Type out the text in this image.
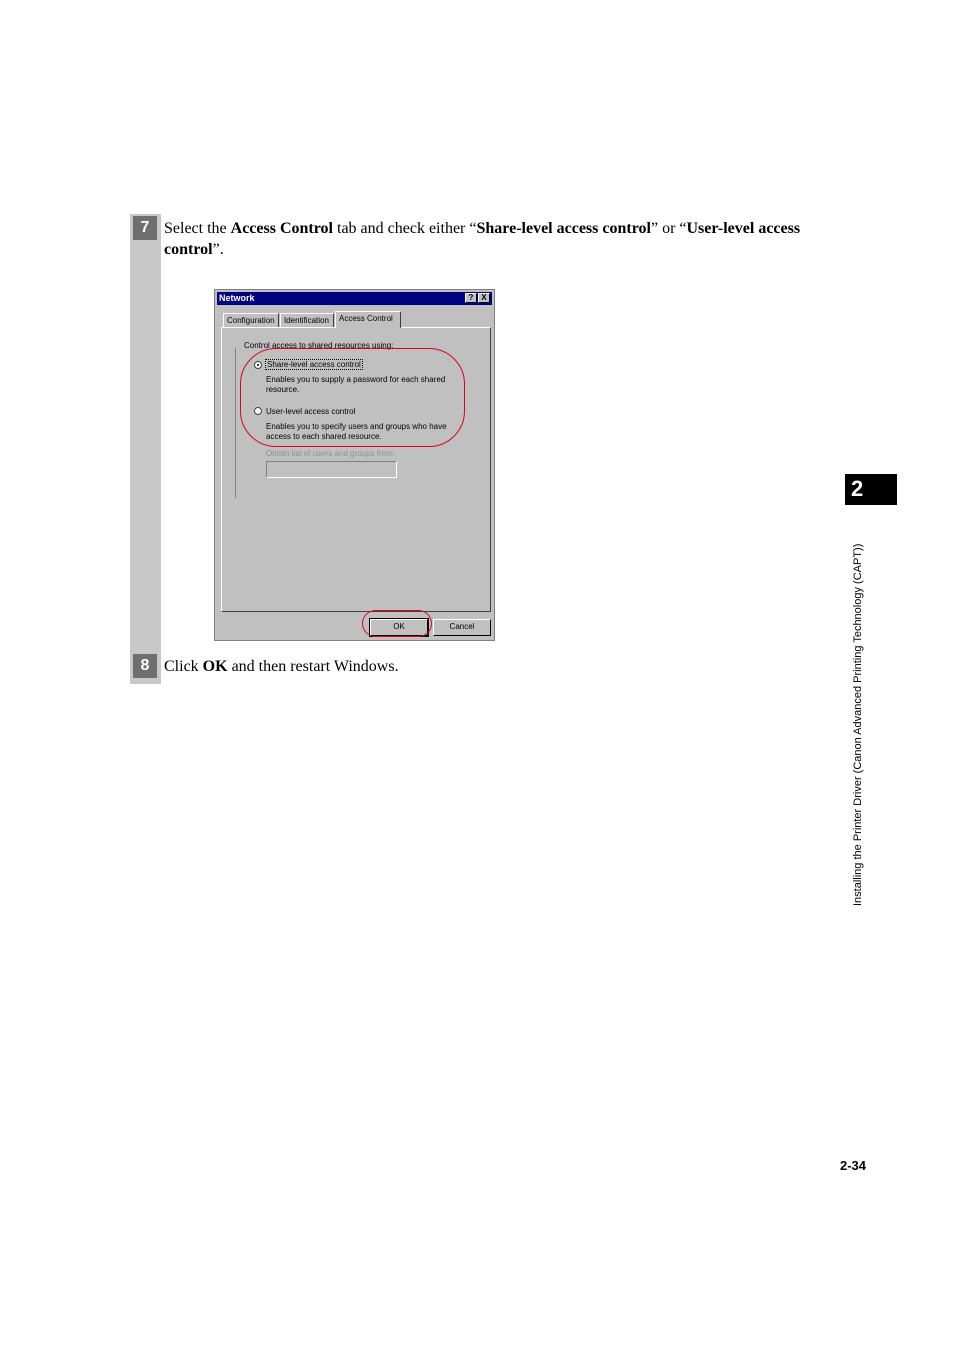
7 Select the Access Control tab and check either “Share-level access control” or “User-level access control”.
Network	? X
Configuration	Identification	Access Control
Control access to shared resources using:
Share-level access control
Enables you to supply a password for each shared
resource.
User-level access control
Enables you to specify users and groups who have
access to each shared resource.
Obtain list of users and groups from:
OK	Cancel
8 Click OK and then restart Windows.
2
Installing the Printer Driver (Canon Advanced Printing Technology (CAPT))
2-34
